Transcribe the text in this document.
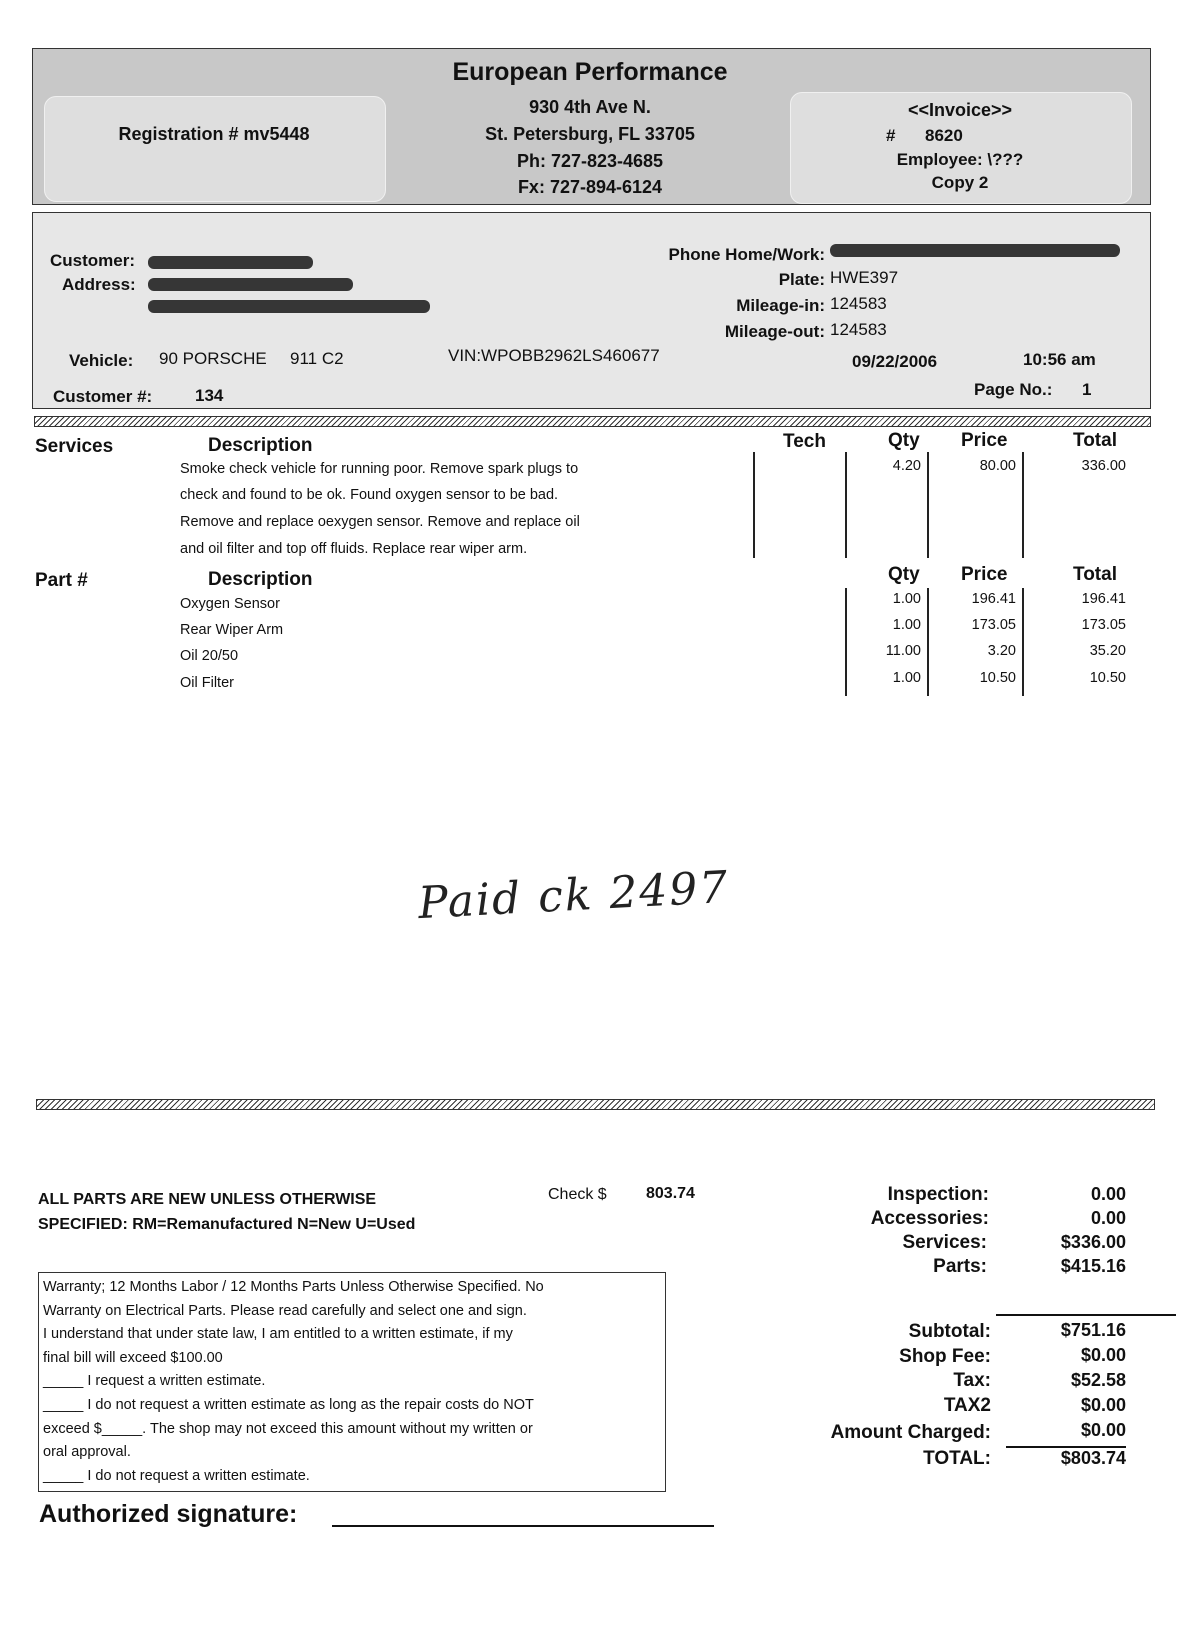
European Performance
930 4th Ave N.
St. Petersburg, FL 33705
Ph: 727-823-4685
Fx: 727-894-6124
Registration # mv5448
<<Invoice>>
# 8620
Employee: \???
Copy 2
Customer:
Address:
Phone Home/Work:
Plate: HWE397
Mileage-in: 124583
Mileage-out: 124583
Vehicle: 90 PORSCHE 911 C2	VIN:WPOBB2962LS460677	09/22/2006	10:56 am
Customer #:	134	Page No.: 1
Services	Description	Tech	Qty Price	Total
Smoke check vehicle for running poor. Remove spark plugs to
check and found to be ok. Found oxygen sensor to be bad.
Remove and replace oexygen sensor. Remove and replace oil
and oil filter and top off fluids. Replace rear wiper arm.
4.20	80.00	336.00
Part #	Description	Qty Price	Total
Oxygen Sensor	1.00	196.41	196.41
Rear Wiper Arm	1.00	173.05	173.05
Oil 20/50	11.00	3.20	35.20
Oil Filter	1.00	10.50	10.50
Paid ck 2497
ALL PARTS ARE NEW UNLESS OTHERWISE
SPECIFIED: RM=Remanufactured N=New U=Used
Check $ 803.74	Inspection:	0.00
Accessories:	0.00
Services:	$336.00
Parts:	$415.16
Subtotal:	$751.16
Shop Fee:	$0.00
Tax:	$52.58
TAX2	$0.00
Amount Charged:	$0.00
TOTAL:	$803.74
Warranty; 12 Months Labor / 12 Months Parts Unless Otherwise Specified. No
Warranty on Electrical Parts. Please read carefully and select one and sign.
I understand that under state law, I am entitled to a written estimate, if my
final bill will exceed $100.00
_____ I request a written estimate.
_____ I do not request a written estimate as long as the repair costs do NOT
exceed $_____. The shop may not exceed this amount without my written or
oral approval.
_____ I do not request a written estimate.
Authorized signature:
